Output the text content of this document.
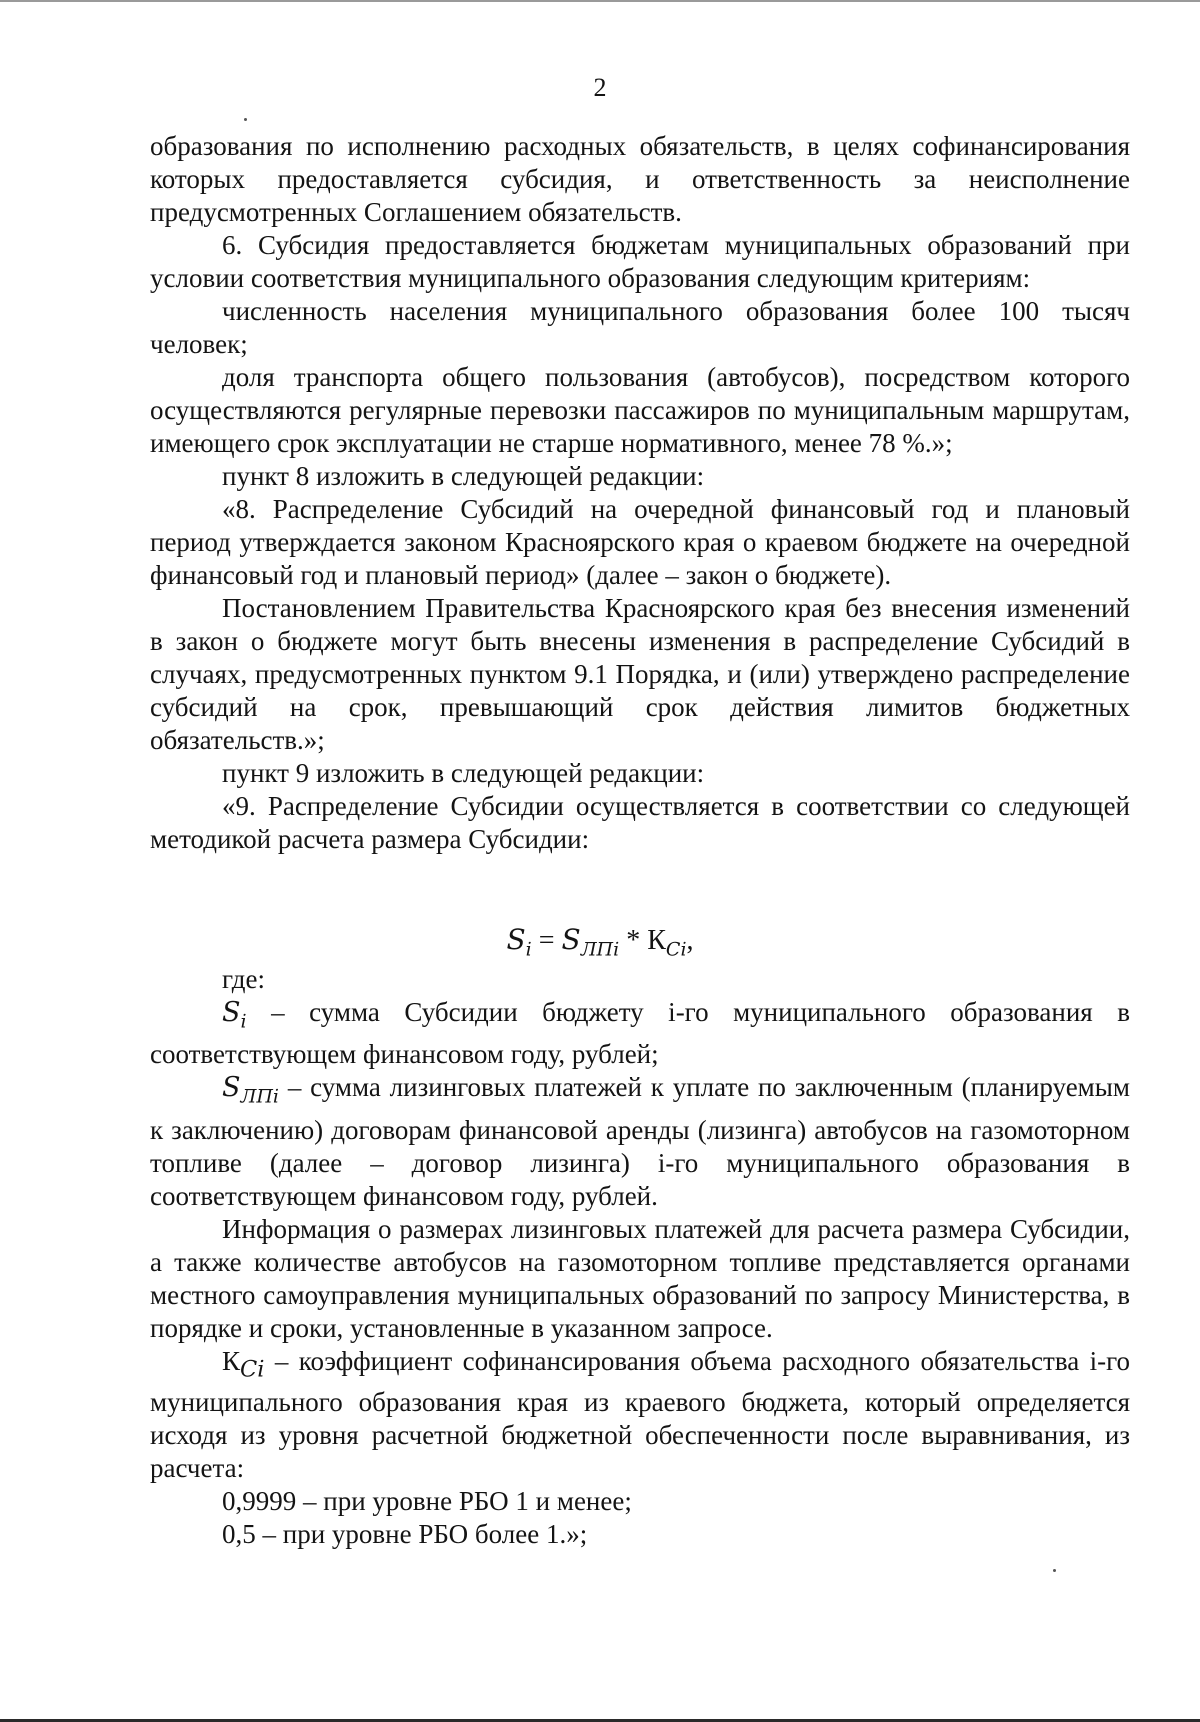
2

образования по исполнению расходных обязательств, в целях софинансирования которых предоставляется субсидия, и ответственность за неисполнение предусмотренных Соглашением обязательств.

6. Субсидия предоставляется бюджетам муниципальных образований при условии соответствия муниципального образования следующим критериям:

численность населения муниципального образования более 100 тысяч человек;

доля транспорта общего пользования (автобусов), посредством которого осуществляются регулярные перевозки пассажиров по муниципальным маршрутам, имеющего срок эксплуатации не старше нормативного, менее 78 %.»;

пункт 8 изложить в следующей редакции:

«8. Распределение Субсидий на очередной финансовый год и плановый период утверждается законом Красноярского края о краевом бюджете на очередной финансовый год и плановый период» (далее – закон о бюджете).

Постановлением Правительства Красноярского края без внесения изменений в закон о бюджете могут быть внесены изменения в распределение Субсидий в случаях, предусмотренных пунктом 9.1 Порядка, и (или) утверждено распределение субсидий на срок, превышающий срок действия лимитов бюджетных обязательств.»;

пункт 9 изложить в следующей редакции:

«9. Распределение Субсидии осуществляется в соответствии со следующей методикой расчета размера Субсидии:

где:

$S_i$ – сумма Субсидии бюджету i-го муниципального образования в соответствующем финансовом году, рублей;

$S_{ЛПi}$ – сумма лизинговых платежей к уплате по заключенным (планируемым к заключению) договорам финансовой аренды (лизинга) автобусов на газомоторном топливе (далее – договор лизинга) i-го муниципального образования в соответствующем финансовом году, рублей.

Информация о размерах лизинговых платежей для расчета размера Субсидии, а также количестве автобусов на газомоторном топливе представляется органами местного самоуправления муниципальных образований по запросу Министерства, в порядке и сроки, установленные в указанном запросе.

$К_{Ci}$ – коэффициент софинансирования объема расходного обязательства i-го муниципального образования края из краевого бюджета, который определяется исходя из уровня расчетной бюджетной обеспеченности после выравнивания, из расчета:

0,9999 – при уровне РБО 1 и менее;

0,5 – при уровне РБО более 1.»;

$S_i = S_{ЛПi} * К_{Ci}$,
